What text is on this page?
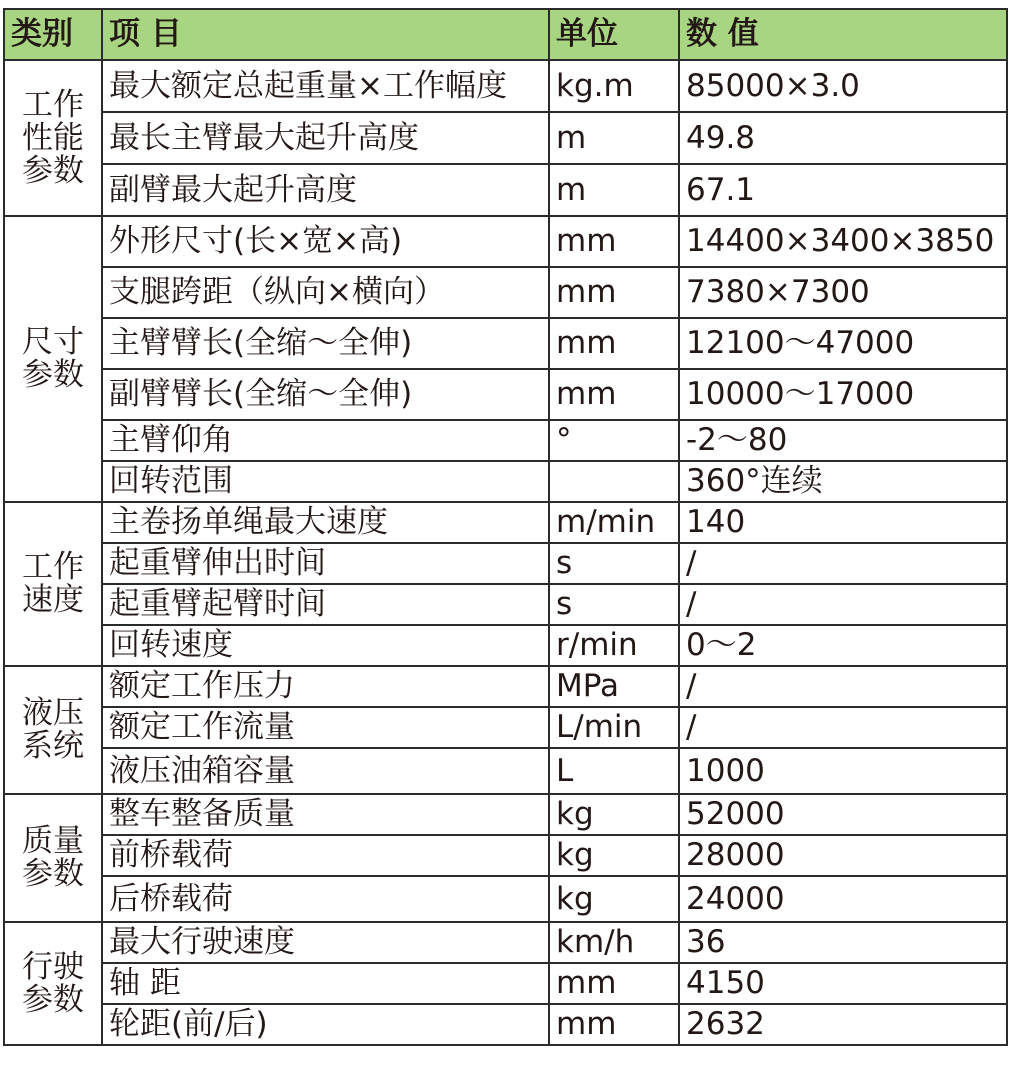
类别	项 目	单位	数 值
工作性能参数	最大额定总起重量×工作幅度	kg.m	85000×3.0
	最长主臂最大起升高度	m	49.8
	副臂最大起升高度	m	67.1
尺寸参数	外形尺寸(长×宽×高)	mm	14400×3400×3850
	支腿跨距（纵向×横向）	mm	7380×7300
	主臂臂长(全缩～全伸)	mm	12100～47000
	副臂臂长(全缩～全伸)	mm	10000～17000
	主臂仰角	°	-2～80
	回转范围		360°连续
工作速度	主卷扬单绳最大速度	m/min	140
	起重臂伸出时间	s	/
	起重臂起臂时间	s	/
	回转速度	r/min	0～2
液压系统	额定工作压力	MPa	/
	额定工作流量	L/min	/
	液压油箱容量	L	1000
质量参数	整车整备质量	kg	52000
	前桥载荷	kg	28000
	后桥载荷	kg	24000
行驶参数	最大行驶速度	km/h	36
	轴 距	mm	4150
	轮距(前/后)	mm	2632
